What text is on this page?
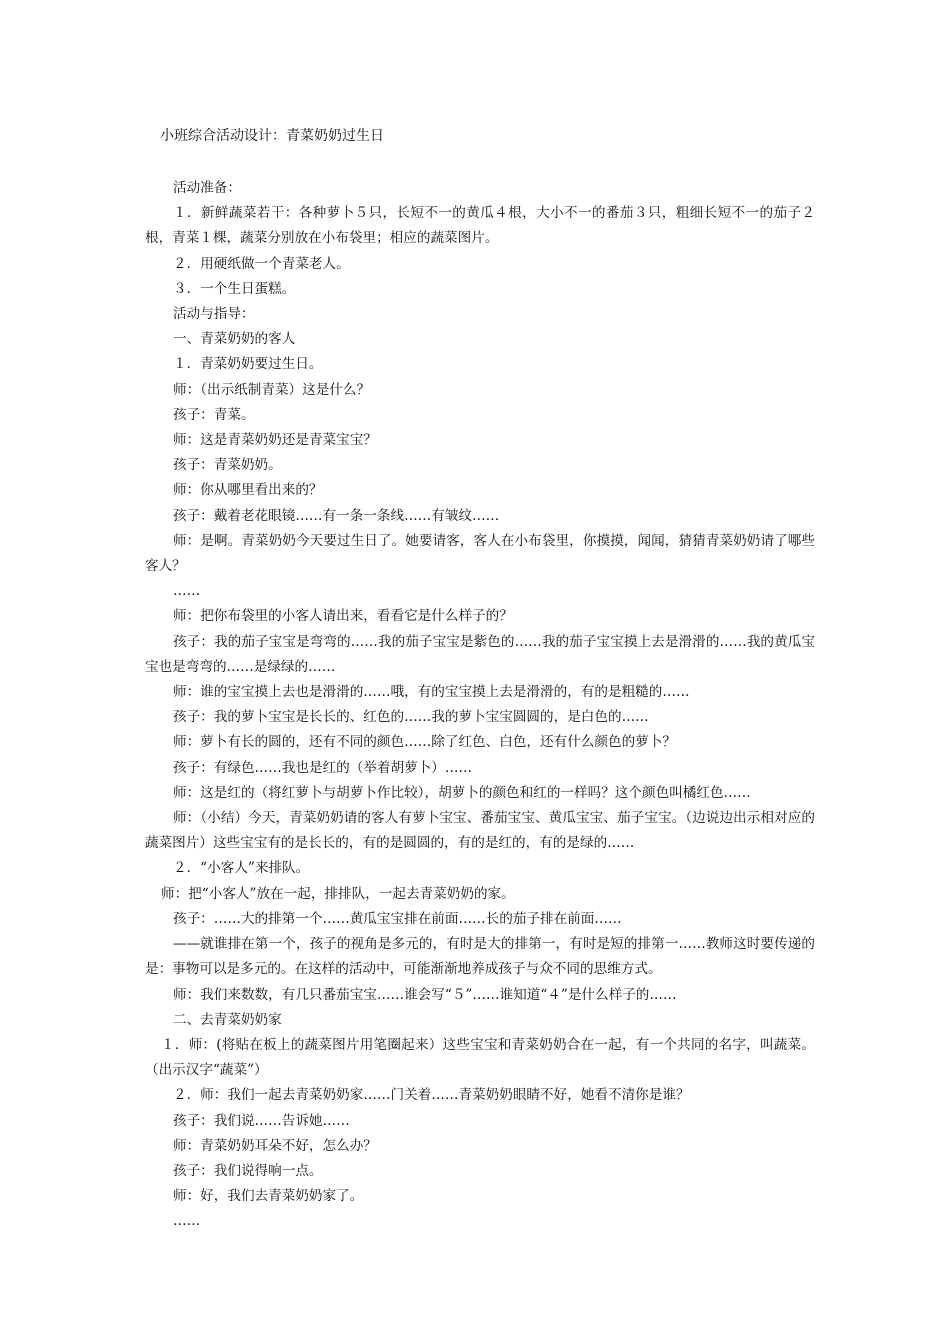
小班综合活动设计：青菜奶奶过生日

活动准备：

１．新鲜蔬菜若干：各种萝卜５只，长短不一的黄瓜４根，大小不一的番茄３只，粗细长短不一的茄子２根，青菜１棵，蔬菜分别放在小布袋里；相应的蔬菜图片。

２．用硬纸做一个青菜老人。

３．一个生日蛋糕。

活动与指导：

一、青菜奶奶的客人

１．青菜奶奶要过生日。

师：（出示纸制青菜）这是什么？

孩子：青菜。

师：这是青菜奶奶还是青菜宝宝？

孩子：青菜奶奶。

师：你从哪里看出来的？

孩子：戴着老花眼镜……有一条一条线……有皱纹……

师：是啊。青菜奶奶今天要过生日了。她要请客，客人在小布袋里，你摸摸，闻闻，猜猜青菜奶奶请了哪些客人？

……

师：把你布袋里的小客人请出来，看看它是什么样子的？

孩子：我的茄子宝宝是弯弯的……我的茄子宝宝是紫色的……我的茄子宝宝摸上去是滑滑的……我的黄瓜宝宝也是弯弯的……是绿绿的……

师：谁的宝宝摸上去也是滑滑的……哦，有的宝宝摸上去是滑滑的，有的是粗糙的……

孩子：我的萝卜宝宝是长长的、红色的……我的萝卜宝宝圆圆的，是白色的……

师：萝卜有长的圆的，还有不同的颜色……除了红色、白色，还有什么颜色的萝卜？

孩子：有绿色……我也是红的（举着胡萝卜）……

师：这是红的（将红萝卜与胡萝卜作比较），胡萝卜的颜色和红的一样吗？这个颜色叫橘红色……

师：（小结）今天，青菜奶奶请的客人有萝卜宝宝、番茄宝宝、黄瓜宝宝、茄子宝宝。（边说边出示相对应的蔬菜图片）这些宝宝有的是长长的，有的是圆圆的，有的是红的，有的是绿的……

２．“小客人”来排队。

师：把“小客人”放在一起，排排队，一起去青菜奶奶的家。

孩子：……大的排第一个……黄瓜宝宝排在前面……长的茄子排在前面……

——就谁排在第一个，孩子的视角是多元的，有时是大的排第一，有时是短的排第一……教师这时要传递的是：事物可以是多元的。在这样的活动中，可能渐渐地养成孩子与众不同的思维方式。

师：我们来数数，有几只番茄宝宝……谁会写“５”……谁知道“４”是什么样子的……

二、去青菜奶奶家

１．师：(将贴在板上的蔬菜图片用笔圈起来）这些宝宝和青菜奶奶合在一起，有一个共同的名字，叫蔬菜。（出示汉字“蔬菜”）

２．师：我们一起去青菜奶奶家……门关着……青菜奶奶眼睛不好，她看不清你是谁？

孩子：我们说……告诉她……

师：青菜奶奶耳朵不好，怎么办？

孩子：我们说得响一点。

师：好，我们去青菜奶奶家了。

……
